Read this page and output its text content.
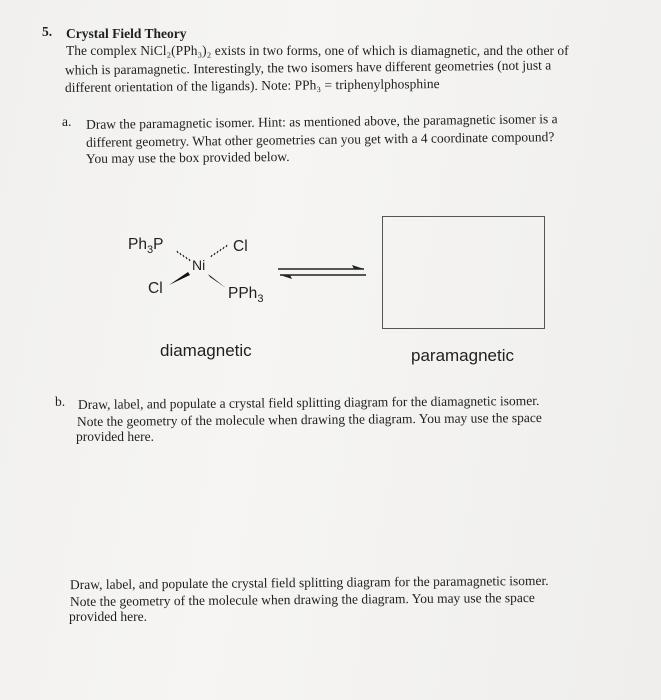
5. Crystal Field Theory
The complex NiCl₂(PPh₃)₂ exists in two forms, one of which is diamagnetic, and the other of
which is paramagnetic. Interestingly, the two isomers have different geometries (not just a
different orientation of the ligands). Note: PPh₃ = triphenylphosphine
a. Draw the paramagnetic isomer. Hint: as mentioned above, the paramagnetic isomer is a
different geometry. What other geometries can you get with a 4 coordinate compound?
You may use the box provided below.
$Ph_3P$	Cl
Ni
Cl	PPh$_3$
diamagnetic	paramagnetic
b. Draw, label, and populate a crystal field splitting diagram for the diamagnetic isomer.
Note the geometry of the molecule when drawing the diagram. You may use the space
provided here.
Draw, label, and populate the crystal field splitting diagram for the paramagnetic isomer.
Note the geometry of the molecule when drawing the diagram. You may use the space
provided here.
